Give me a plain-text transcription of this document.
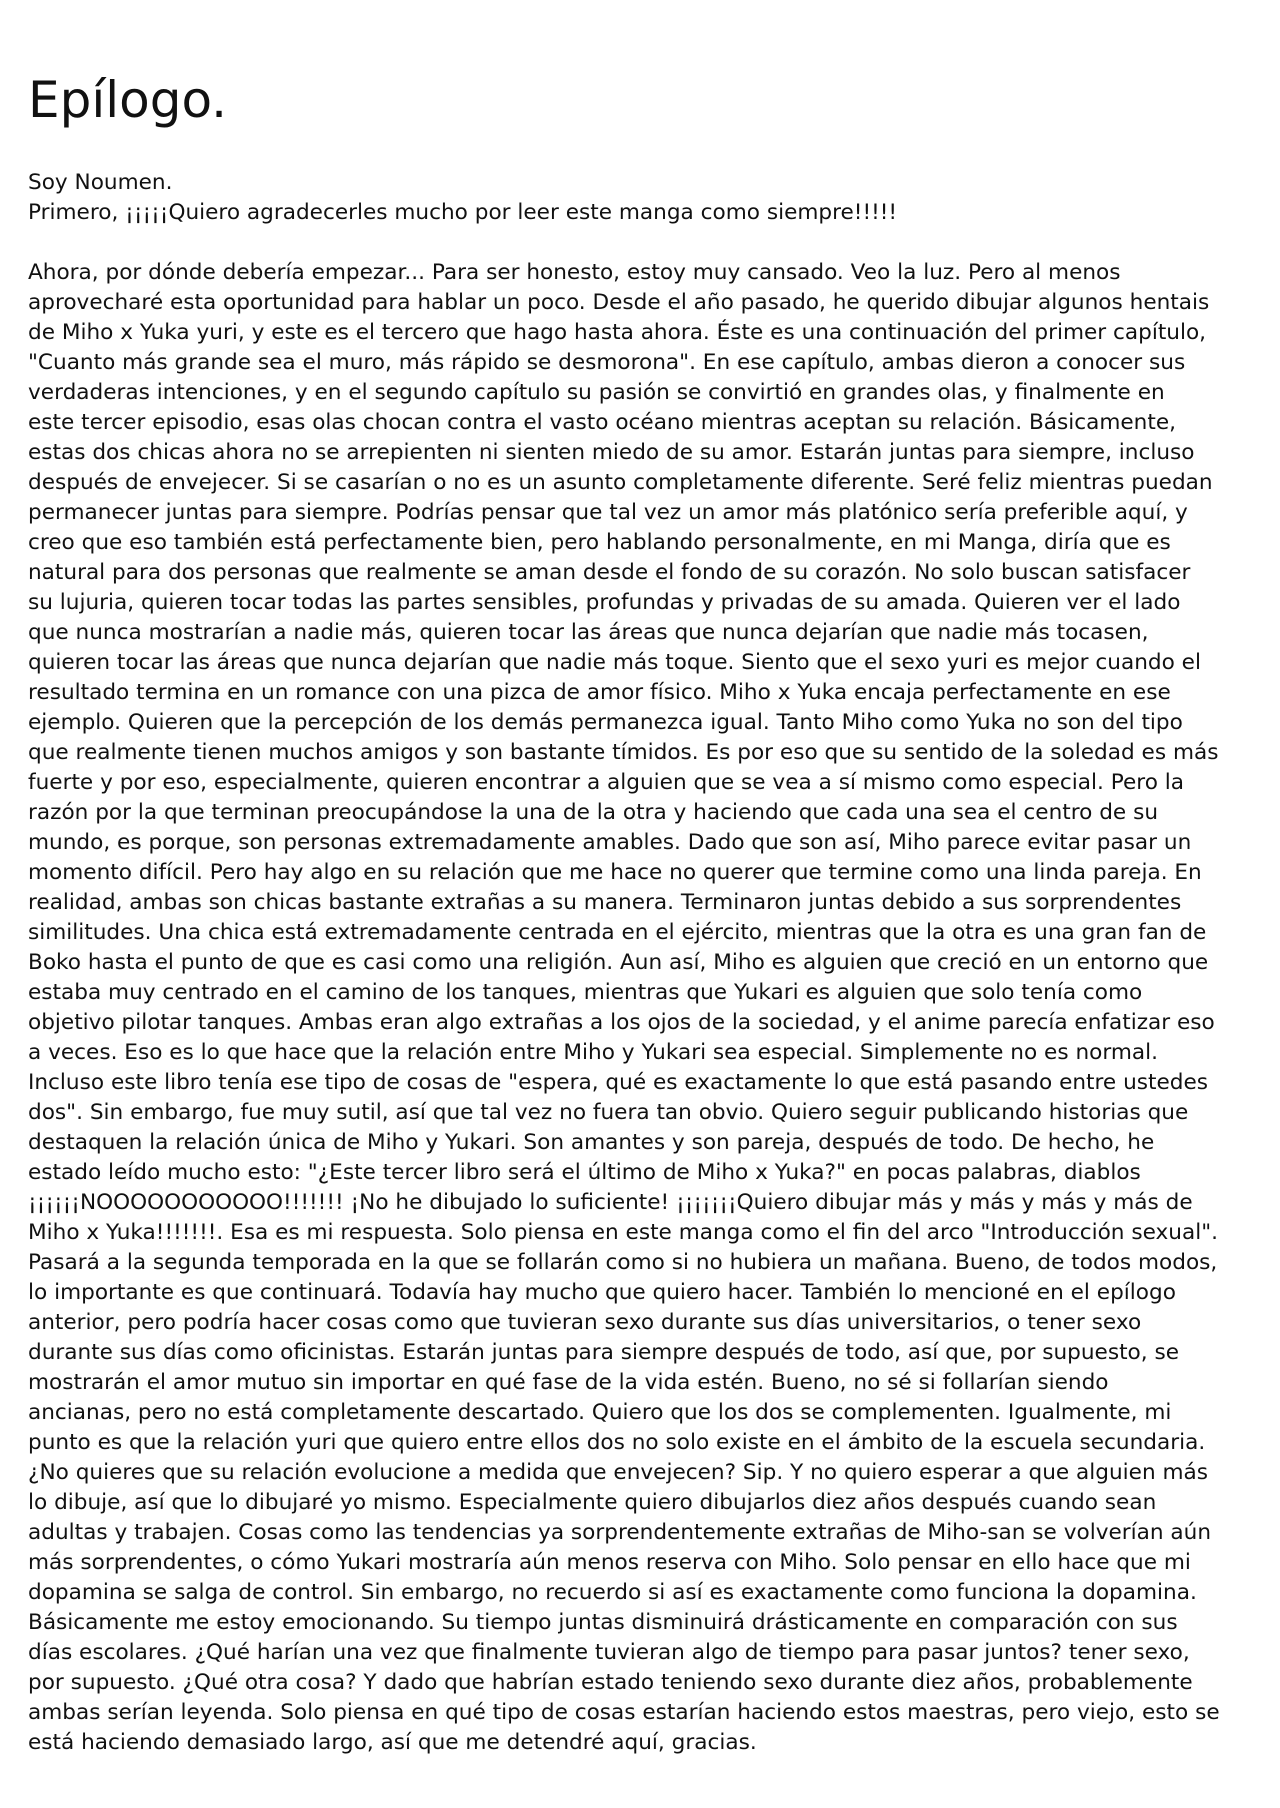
Epílogo.

Soy Noumen.

Primero, ¡¡¡¡¡Quiero agradecerles mucho por leer este manga como siempre!!!!!

Ahora, por dónde debería empezar... Para ser honesto, estoy muy cansado. Veo la luz. Pero al menos
aprovecharé esta oportunidad para hablar un poco. Desde el año pasado, he querido dibujar algunos hentais
de Miho x Yuka yuri, y este es el tercero que hago hasta ahora. Éste es una continuación del primer capítulo,
"Cuanto más grande sea el muro, más rápido se desmorona". En ese capítulo, ambas dieron a conocer sus
verdaderas intenciones, y en el segundo capítulo su pasión se convirtió en grandes olas, y finalmente en
este tercer episodio, esas olas chocan contra el vasto océano mientras aceptan su relación. Básicamente,
estas dos chicas ahora no se arrepienten ni sienten miedo de su amor. Estarán juntas para siempre, incluso
después de envejecer. Si se casarían o no es un asunto completamente diferente. Seré feliz mientras puedan
permanecer juntas para siempre. Podrías pensar que tal vez un amor más platónico sería preferible aquí, y
creo que eso también está perfectamente bien, pero hablando personalmente, en mi Manga, diría que es
natural para dos personas que realmente se aman desde el fondo de su corazón. No solo buscan satisfacer
su lujuria, quieren tocar todas las partes sensibles, profundas y privadas de su amada. Quieren ver el lado
que nunca mostrarían a nadie más, quieren tocar las áreas que nunca dejarían que nadie más tocasen,
quieren tocar las áreas que nunca dejarían que nadie más toque. Siento que el sexo yuri es mejor cuando el
resultado termina en un romance con una pizca de amor físico. Miho x Yuka encaja perfectamente en ese
ejemplo. Quieren que la percepción de los demás permanezca igual. Tanto Miho como Yuka no son del tipo
que realmente tienen muchos amigos y son bastante tímidos. Es por eso que su sentido de la soledad es más
fuerte y por eso, especialmente, quieren encontrar a alguien que se vea a sí mismo como especial. Pero la
razón por la que terminan preocupándose la una de la otra y haciendo que cada una sea el centro de su
mundo, es porque, son personas extremadamente amables. Dado que son así, Miho parece evitar pasar un
momento difícil. Pero hay algo en su relación que me hace no querer que termine como una linda pareja. En
realidad, ambas son chicas bastante extrañas a su manera. Terminaron juntas debido a sus sorprendentes
similitudes. Una chica está extremadamente centrada en el ejército, mientras que la otra es una gran fan de
Boko hasta el punto de que es casi como una religión. Aun así, Miho es alguien que creció en un entorno que
estaba muy centrado en el camino de los tanques, mientras que Yukari es alguien que solo tenía como
objetivo pilotar tanques. Ambas eran algo extrañas a los ojos de la sociedad, y el anime parecía enfatizar eso
a veces. Eso es lo que hace que la relación entre Miho y Yukari sea especial. Simplemente no es normal.
Incluso este libro tenía ese tipo de cosas de "espera, qué es exactamente lo que está pasando entre ustedes
dos". Sin embargo, fue muy sutil, así que tal vez no fuera tan obvio. Quiero seguir publicando historias que
destaquen la relación única de Miho y Yukari. Son amantes y son pareja, después de todo. De hecho, he
estado leído mucho esto: "¿Este tercer libro será el último de Miho x Yuka?" en pocas palabras, diablos
¡¡¡¡¡¡NOOOOOOOOOOO!!!!!!! ¡No he dibujado lo suficiente! ¡¡¡¡¡¡¡Quiero dibujar más y más y más y más de
Miho x Yuka!!!!!!!. Esa es mi respuesta. Solo piensa en este manga como el fin del arco "Introducción sexual".
Pasará a la segunda temporada en la que se follarán como si no hubiera un mañana. Bueno, de todos modos,
lo importante es que continuará. Todavía hay mucho que quiero hacer. También lo mencioné en el epílogo
anterior, pero podría hacer cosas como que tuvieran sexo durante sus días universitarios, o tener sexo
durante sus días como oficinistas. Estarán juntas para siempre después de todo, así que, por supuesto, se
mostrarán el amor mutuo sin importar en qué fase de la vida estén. Bueno, no sé si follarían siendo
ancianas, pero no está completamente descartado. Quiero que los dos se complementen. Igualmente, mi
punto es que la relación yuri que quiero entre ellos dos no solo existe en el ámbito de la escuela secundaria.
¿No quieres que su relación evolucione a medida que envejecen? Sip. Y no quiero esperar a que alguien más
lo dibuje, así que lo dibujaré yo mismo. Especialmente quiero dibujarlos diez años después cuando sean
adultas y trabajen. Cosas como las tendencias ya sorprendentemente extrañas de Miho-san se volverían aún
más sorprendentes, o cómo Yukari mostraría aún menos reserva con Miho. Solo pensar en ello hace que mi
dopamina se salga de control. Sin embargo, no recuerdo si así es exactamente como funciona la dopamina.
Básicamente me estoy emocionando. Su tiempo juntas disminuirá drásticamente en comparación con sus
días escolares. ¿Qué harían una vez que finalmente tuvieran algo de tiempo para pasar juntos? tener sexo,
por supuesto. ¿Qué otra cosa? Y dado que habrían estado teniendo sexo durante diez años, probablemente
ambas serían leyenda. Solo piensa en qué tipo de cosas estarían haciendo estos maestras, pero viejo, esto se
está haciendo demasiado largo, así que me detendré aquí, gracias.
